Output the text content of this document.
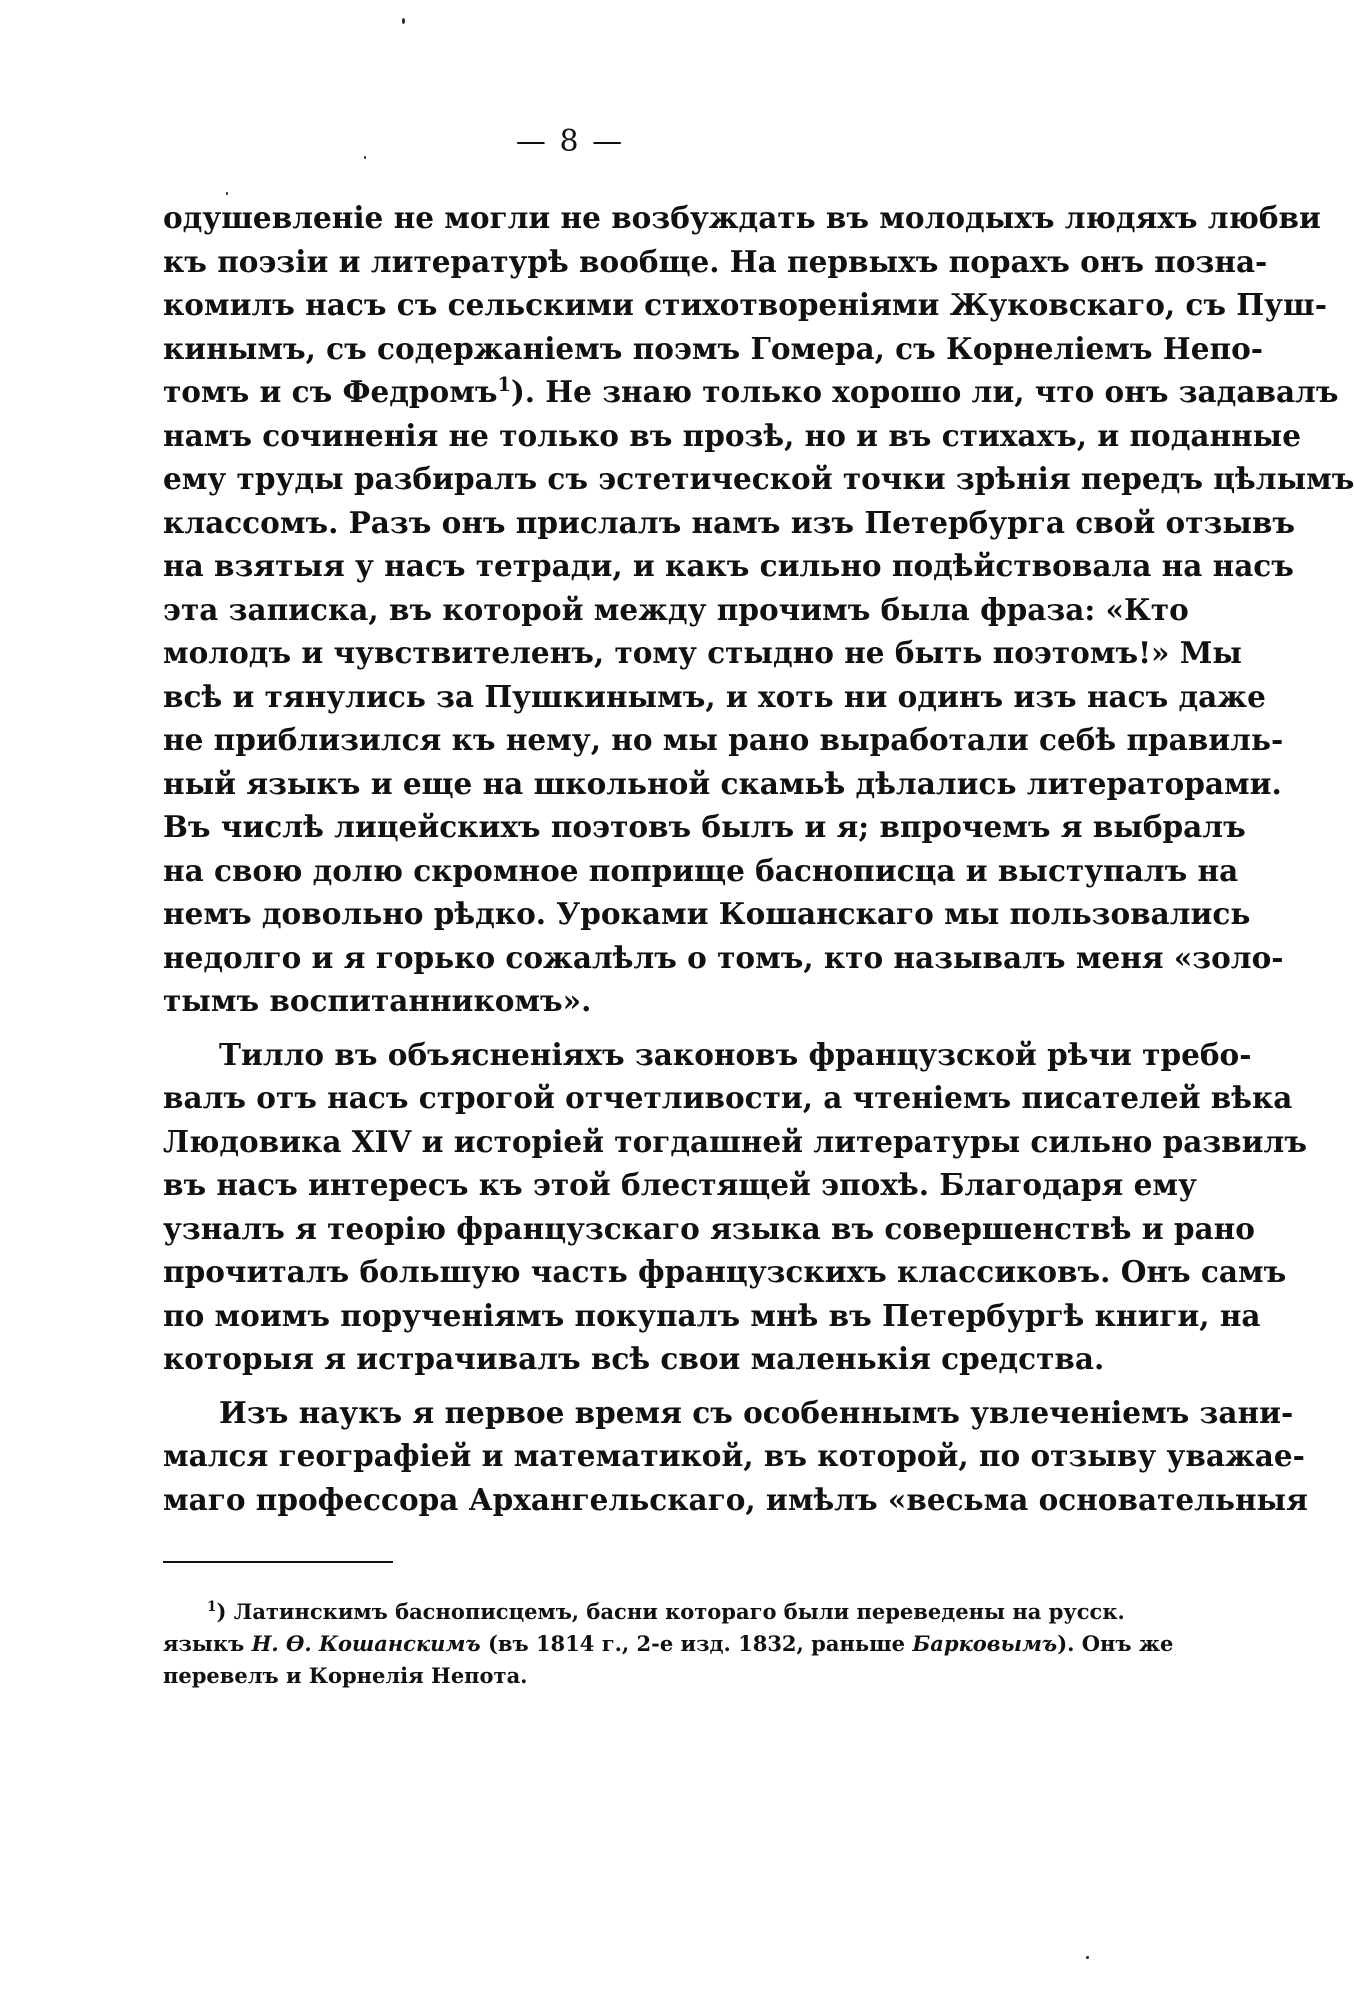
— 8 —
одушевленіе не могли не возбуждать въ молодыхъ людяхъ любви
къ поэзіи и литературѣ вообще. На первыхъ порахъ онъ позна-
комилъ насъ съ сельскими стихотвореніями Жуковскаго, съ Пуш-
кинымъ, съ содержаніемъ поэмъ Гомера, съ Корнеліемъ Непо-
томъ и съ Федромъ$^1$). Не знаю только хорошо ли, что онъ задавалъ
намъ сочиненія не только въ прозѣ, но и въ стихахъ, и поданные
ему труды разбиралъ съ эстетической точки зрѣнія передъ цѣлымъ
классомъ. Разъ онъ прислалъ намъ изъ Петербурга свой отзывъ
на взятыя у насъ тетради, и какъ сильно подѣйствовала на насъ
эта записка, въ которой между прочимъ была фраза: «Кто
молодъ и чувствителенъ, тому стыдно не быть поэтомъ!» Мы
всѣ и тянулись за Пушкинымъ, и хоть ни одинъ изъ насъ даже
не приблизился къ нему, но мы рано выработали себѣ правиль-
ный языкъ и еще на школьной скамьѣ дѣлались литераторами.
Въ числѣ лицейскихъ поэтовъ былъ и я; впрочемъ я выбралъ
на свою долю скромное поприще баснописца и выступалъ на
немъ довольно рѣдко. Уроками Кошанскаго мы пользовались
недолго и я горько сожалѣлъ о томъ, кто называлъ меня «золо-
тымъ воспитанникомъ».
Тилло въ объясненіяхъ законовъ французской рѣчи требо-
валъ отъ насъ строгой отчетливости, а чтеніемъ писателей вѣка
Людовика XIV и исторіей тогдашней литературы сильно развилъ
въ насъ интересъ къ этой блестящей эпохѣ. Благодаря ему
узналъ я теорію французскаго языка въ совершенствѣ и рано
прочиталъ большую часть французскихъ классиковъ. Онъ самъ
по моимъ порученіямъ покупалъ мнѣ въ Петербургѣ книги, на
которыя я истрачивалъ всѣ свои маленькія средства.
Изъ наукъ я первое время съ особеннымъ увлеченіемъ зани-
мался географіей и математикой, въ которой, по отзыву уважае-
маго профессора Архангельскаго, имѣлъ «весьма основательныя
$^1$) Латинскимъ баснописцемъ, басни котораго были переведены на русск.
языкъ Н. Ѳ. Кошанскимъ (въ 1814 г., 2-е изд. 1832, раньше Барковымъ). Онъ же
перевелъ и Корнелія Непота.
